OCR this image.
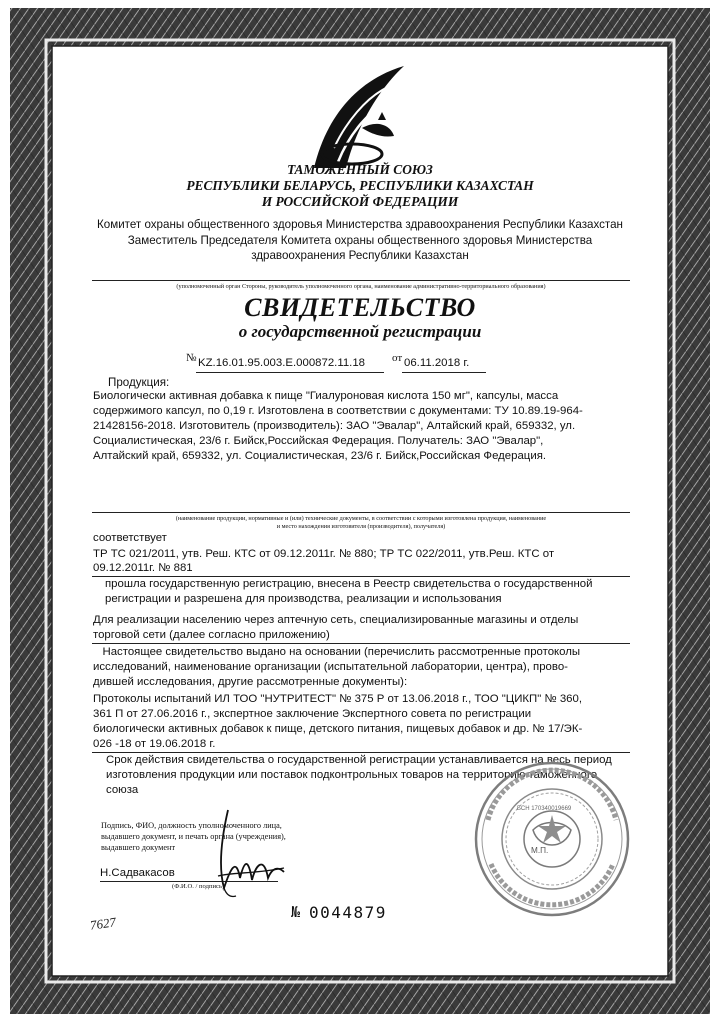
ТАМОЖЕННЫЙ СОЮЗ
РЕСПУБЛИКИ БЕЛАРУСЬ, РЕСПУБЛИКИ КАЗАХСТАН
И РОССИЙСКОЙ ФЕДЕРАЦИИ
Комитет охраны общественного здоровья Министерства здравоохранения Республики Казахстан
Заместитель Председателя Комитета охраны общественного здоровья Министерства
здравоохранения Республики Казахстан
(уполномоченный орган Стороны, руководитель уполномоченного органа, наименование административно-территориального образования)
СВИДЕТЕЛЬСТВО
о государственной регистрации
№ KZ.16.01.95.003.E.000872.11.18 от 06.11.2018 г.
Продукция:
Биологически активная добавка к пище "Гиалуроновая кислота 150 мг", капсулы, масса
содержимого капсул, по 0,19 г. Изготовлена в соответствии с документами: ТУ 10.89.19-964-
21428156-2018. Изготовитель (производитель): ЗАО "Эвалар", Алтайский край, 659332, ул.
Социалистическая, 23/6 г. Бийск,Российская Федерация. Получатель: ЗАО "Эвалар",
Алтайский край, 659332, ул. Социалистическая, 23/6 г. Бийск,Российская Федерация.
(наименование продукции, нормативные и (или) технические документы, в соответствии с которыми изготовлена продукция, наименование
и место нахождения изготовителя (производителя), получателя)
соответствует
ТР ТС 021/2011, утв. Реш. КТС от 09.12.2011г. № 880; ТР ТС 022/2011, утв.Реш. КТС от
09.12.2011г. № 881
прошла государственную регистрацию, внесена в Реестр свидетельства о государственной
регистрации и разрешена для производства, реализации и использования
Для реализации населению через аптечную сеть, специализированные магазины и отделы
торговой сети (далее согласно приложению)
Настоящее свидетельство выдано на основании (перечислить рассмотренные протоколы
исследований, наименование организации (испытательной лаборатории, центра), прово-
дившей исследования, другие рассмотренные документы):
Протоколы испытаний ИЛ ТОО "НУТРИТЕСТ" № 375 Р от 13.06.2018 г., ТОО "ЦИКП" № 360,
361 П от 27.06.2016 г., экспертное заключение Экспертного совета по регистрации
биологически активных добавок к пище, детского питания, пищевых добавок и др. № 17/ЭК-
026 -18 от 19.06.2018 г.
Срок действия свидетельства о государственной регистрации устанавливается на весь период
изготовления продукции или поставок подконтрольных товаров на территорию таможенного
союза
Подпись, ФИО, должность уполномоченного лица,
выдавшего документ, и печать органа (учреждения),
выдавшего документ
Н.Садвакасов
(Ф.И.О. / подпись)
М.П.
БСН 170340019669
№ 0044879
7627
